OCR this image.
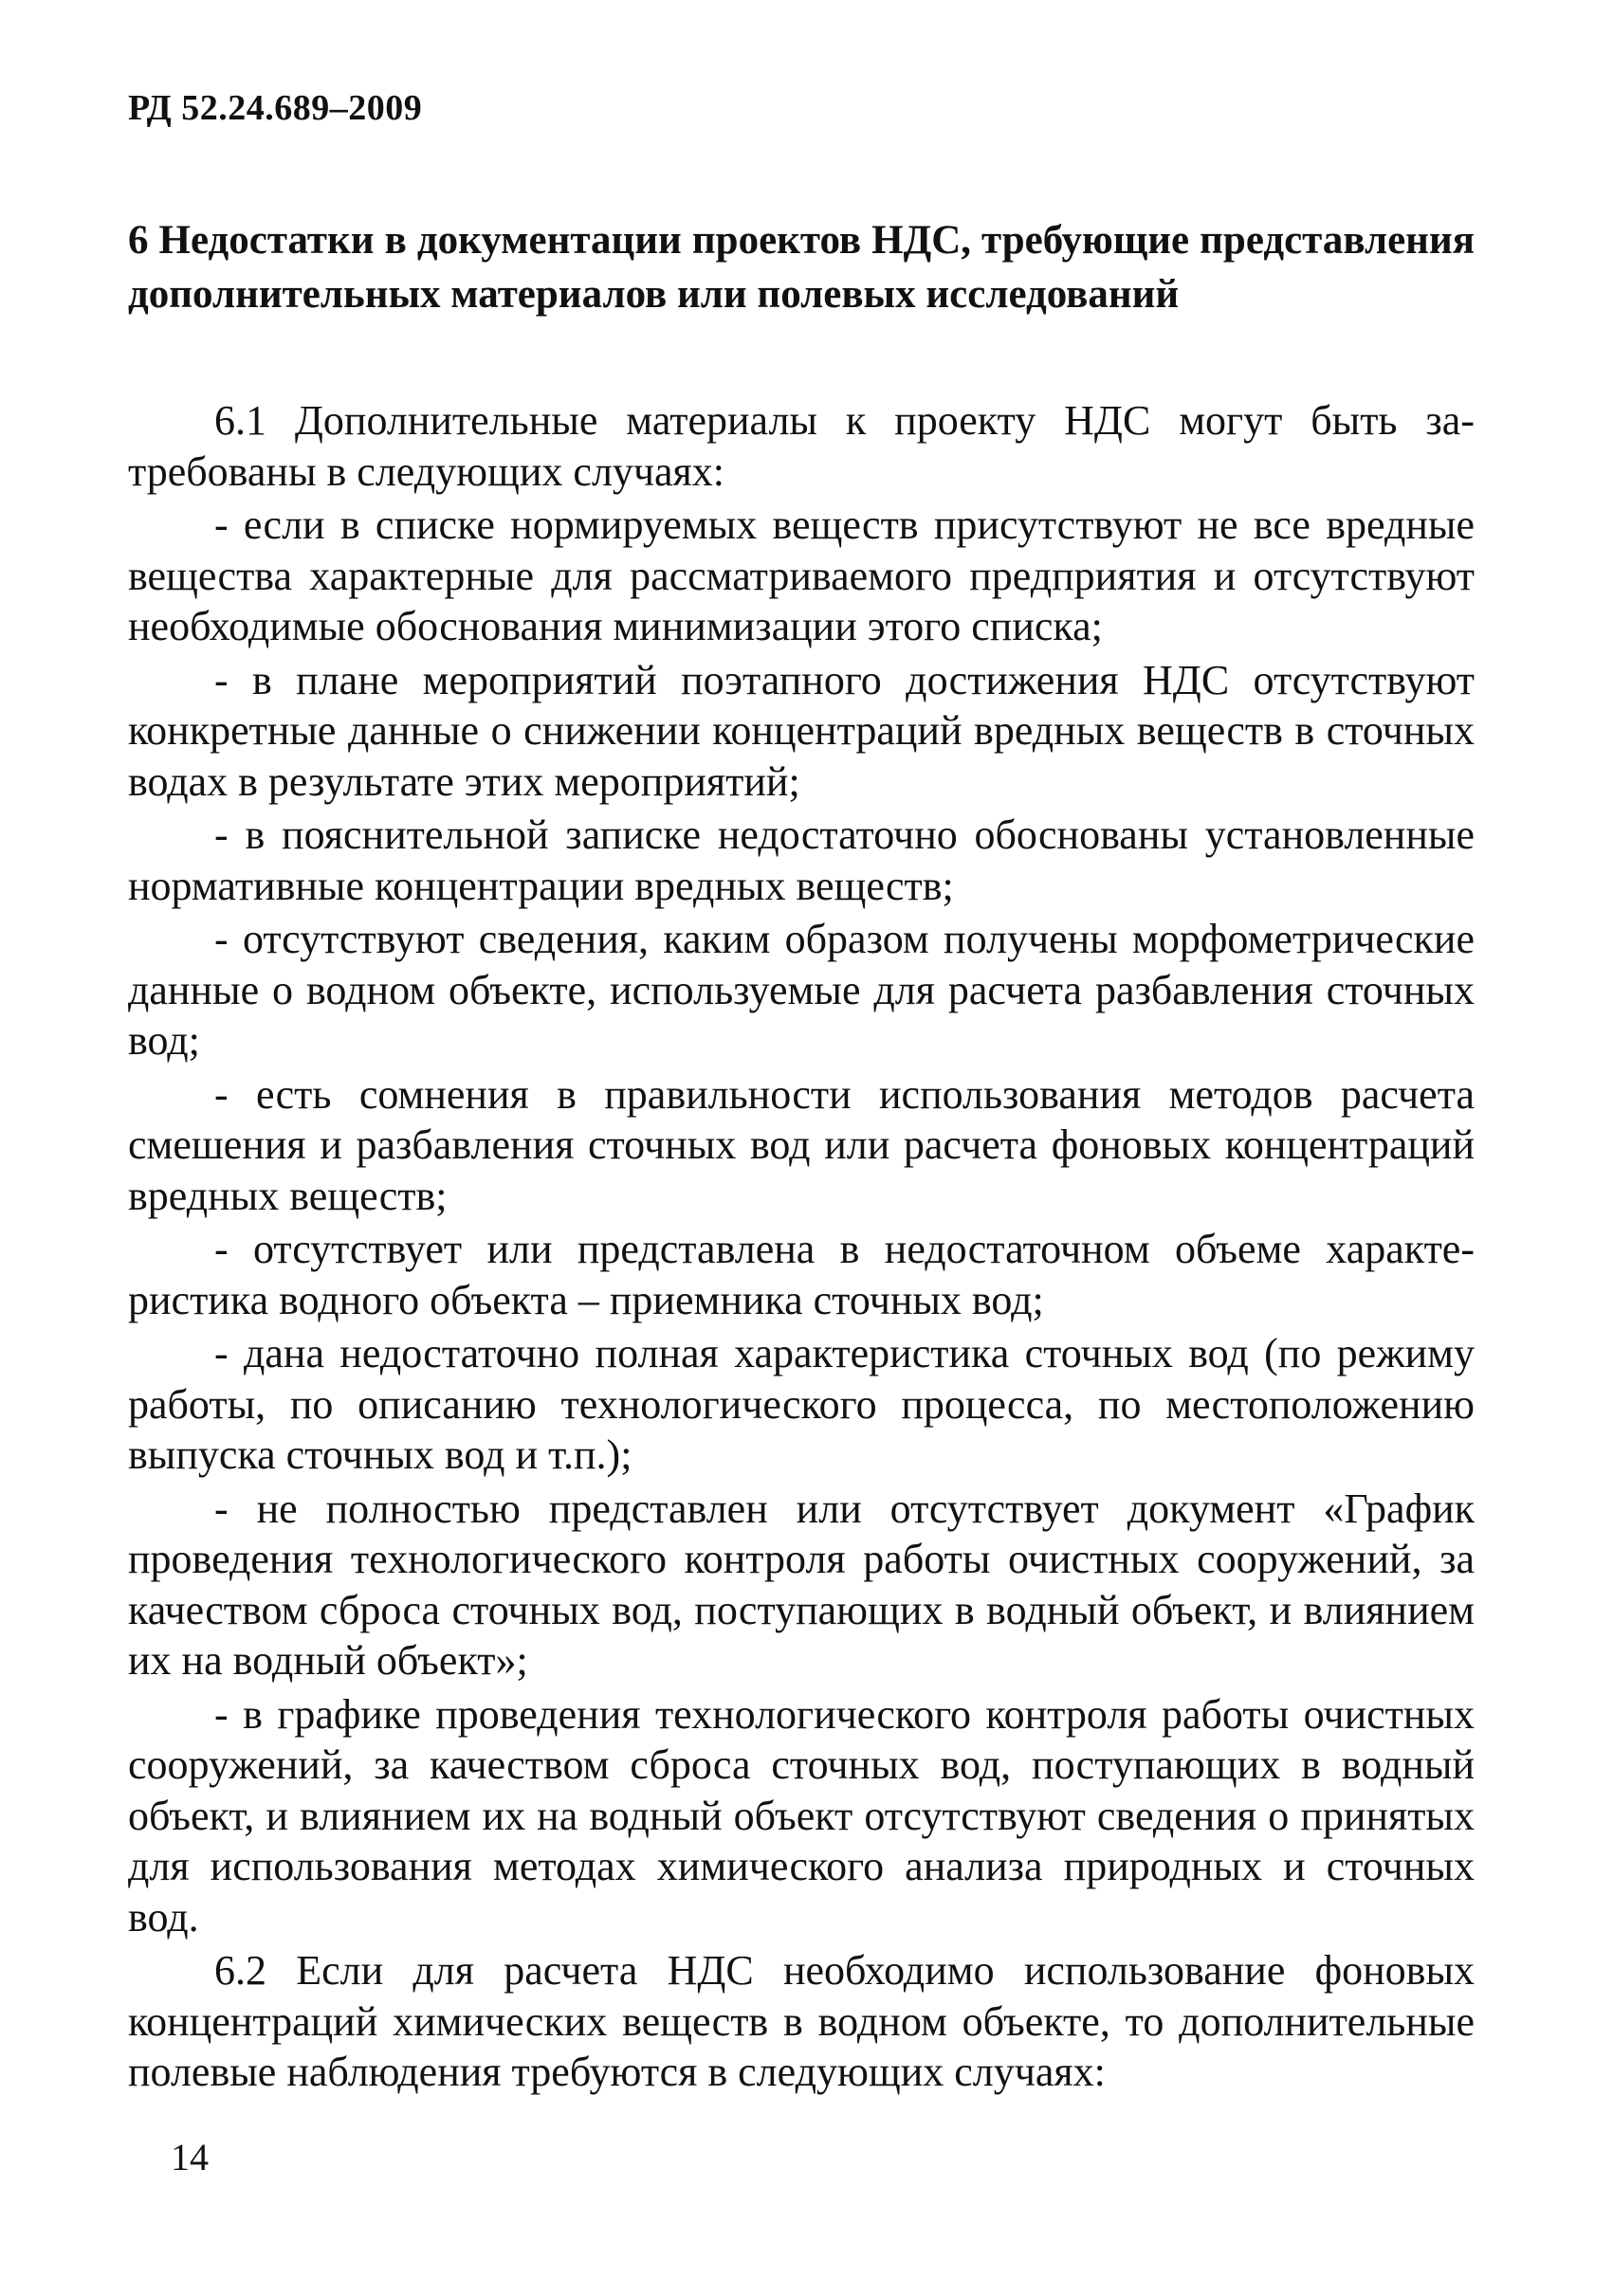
РД 52.24.689–2009
6 Недостатки в документации проектов НДС, требующие представления дополнительных материалов или полевых исследований

6.1 Дополнительные материалы к проекту НДС могут быть затребованы в следующих случаях:

- если в списке нормируемых веществ присутствуют не все вредные вещества характерные для рассматриваемого предприятия и отсутствуют необходимые обоснования минимизации этого списка;

- в плане мероприятий поэтапного достижения НДС отсутствуют конкретные данные о снижении концентраций вредных веществ в сточных водах в результате этих мероприятий;

- в пояснительной записке недостаточно обоснованы установленные нормативные концентрации вредных веществ;

- отсутствуют сведения, каким образом получены морфометрические данные о водном объекте, используемые для расчета разбавления сточных вод;

- есть сомнения в правильности использования методов расчета смешения и разбавления сточных вод или расчета фоновых концентраций вредных веществ;

- отсутствует или представлена в недостаточном объеме характеристика водного объекта – приемника сточных вод;

- дана недостаточно полная характеристика сточных вод (по режиму работы, по описанию технологического процесса, по местоположению выпуска сточных вод и т.п.);

- не полностью представлен или отсутствует документ «График проведения технологического контроля работы очистных сооружений, за качеством сброса сточных вод, поступающих в водный объект, и влиянием их на водный объект»;

- в графике проведения технологического контроля работы очистных сооружений, за качеством сброса сточных вод, поступающих в водный объект, и влиянием их на водный объект отсутствуют сведения о принятых для использования методах химического анализа природных и сточных вод.

6.2 Если для расчета НДС необходимо использование фоновых концентраций химических веществ в водном объекте, то дополнительные полевые наблюдения требуются в следующих случаях:

14
